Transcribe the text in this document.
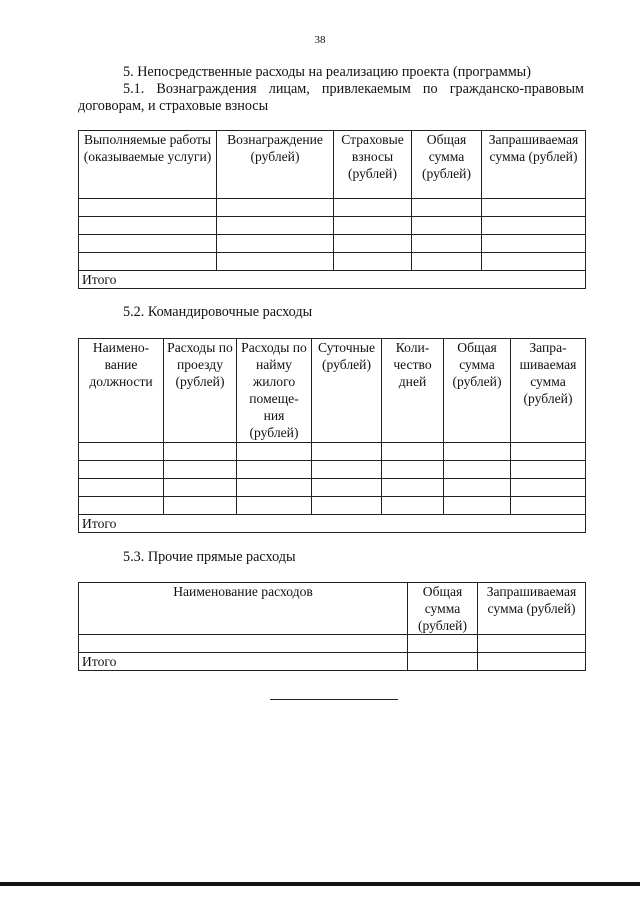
38
5. Непосредственные расходы на реализацию проекта (программы)
5.1. Вознаграждения лицам, привлекаемым по гражданско-правовым договорам, и страховые взносы
Выполняемые работы (оказываемые услуги)	Вознаграждение (рублей)	Страховые взносы (рублей)	Общая сумма (рублей)	Запрашиваемая сумма (рублей)

Итого				
5.2. Командировочные расходы
Наимено-вание должности	Расходы по проезду (рублей)	Расходы по найму жилого помеще-ния (рублей)	Суточные (рублей)	Коли-чество дней	Общая сумма (рублей)	Запра-шиваемая сумма (рублей)

Итого						
5.3. Прочие прямые расходы
Наименование расходов	Общая сумма (рублей)	Запрашиваемая сумма (рублей)

Итого		
